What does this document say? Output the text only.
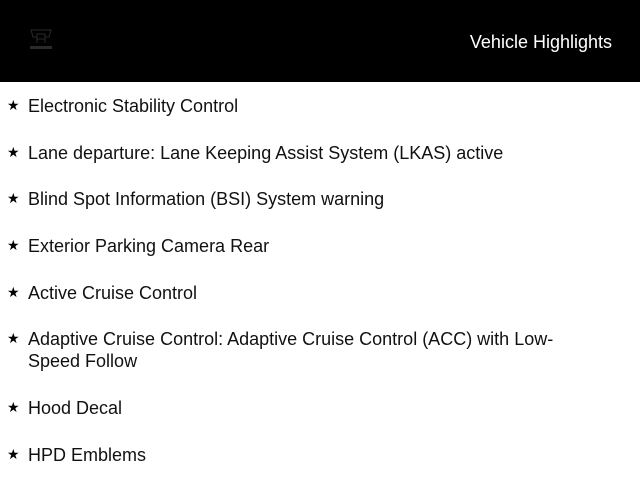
Vehicle Highlights
★ Electronic Stability Control
★ Lane departure: Lane Keeping Assist System (LKAS) active
★ Blind Spot Information (BSI) System warning
★ Exterior Parking Camera Rear
★ Active Cruise Control
★ Adaptive Cruise Control: Adaptive Cruise Control (ACC) with Low-Speed Follow
★ Hood Decal
★ HPD Emblems
